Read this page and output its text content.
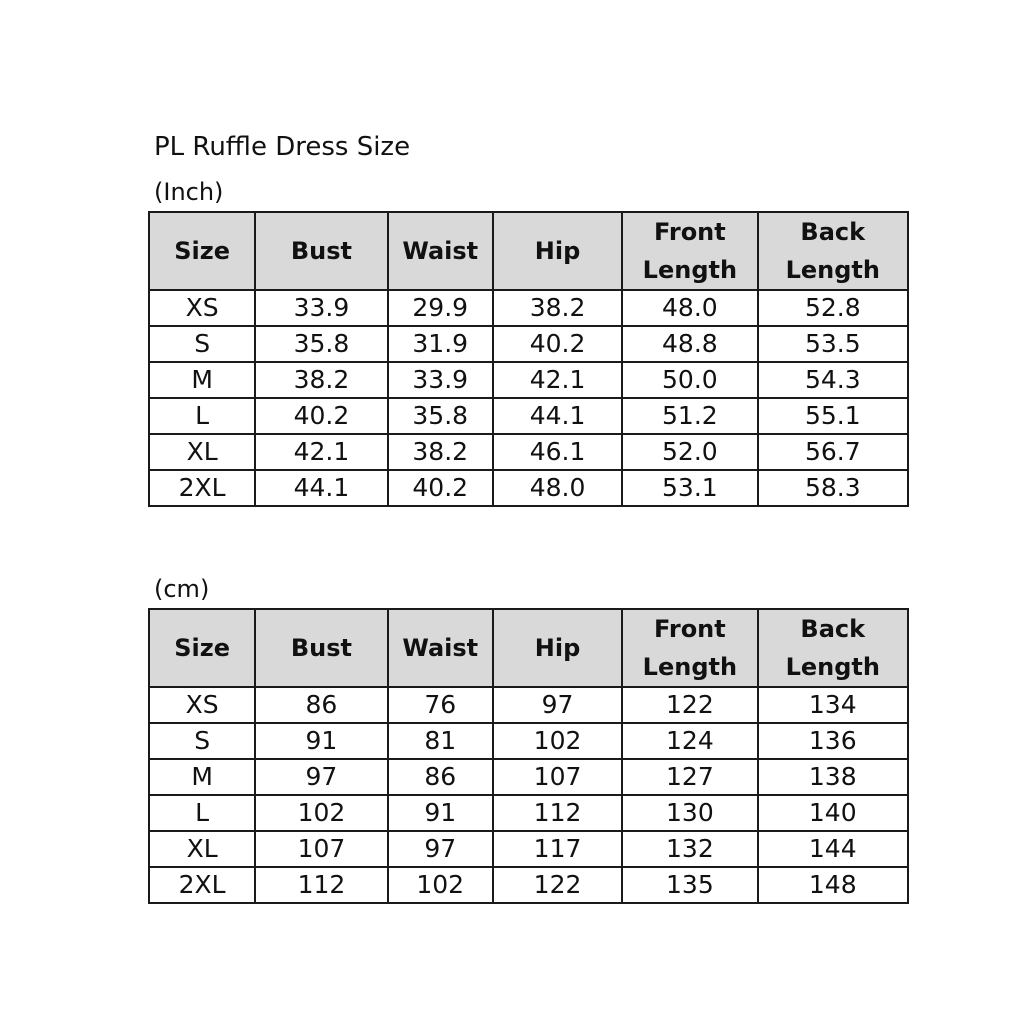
PL Ruffle Dress Size
(Inch)
Size	Bust	Waist	Hip	Front Length	Back Length
XS	33.9	29.9	38.2	48.0	52.8
S	35.8	31.9	40.2	48.8	53.5
M	38.2	33.9	42.1	50.0	54.3
L	40.2	35.8	44.1	51.2	55.1
XL	42.1	38.2	46.1	52.0	56.7
2XL	44.1	40.2	48.0	53.1	58.3
(cm)
Size	Bust	Waist	Hip	Front Length	Back Length
XS	86	76	97	122	134
S	91	81	102	124	136
M	97	86	107	127	138
L	102	91	112	130	140
XL	107	97	117	132	144
2XL	112	102	122	135	148
